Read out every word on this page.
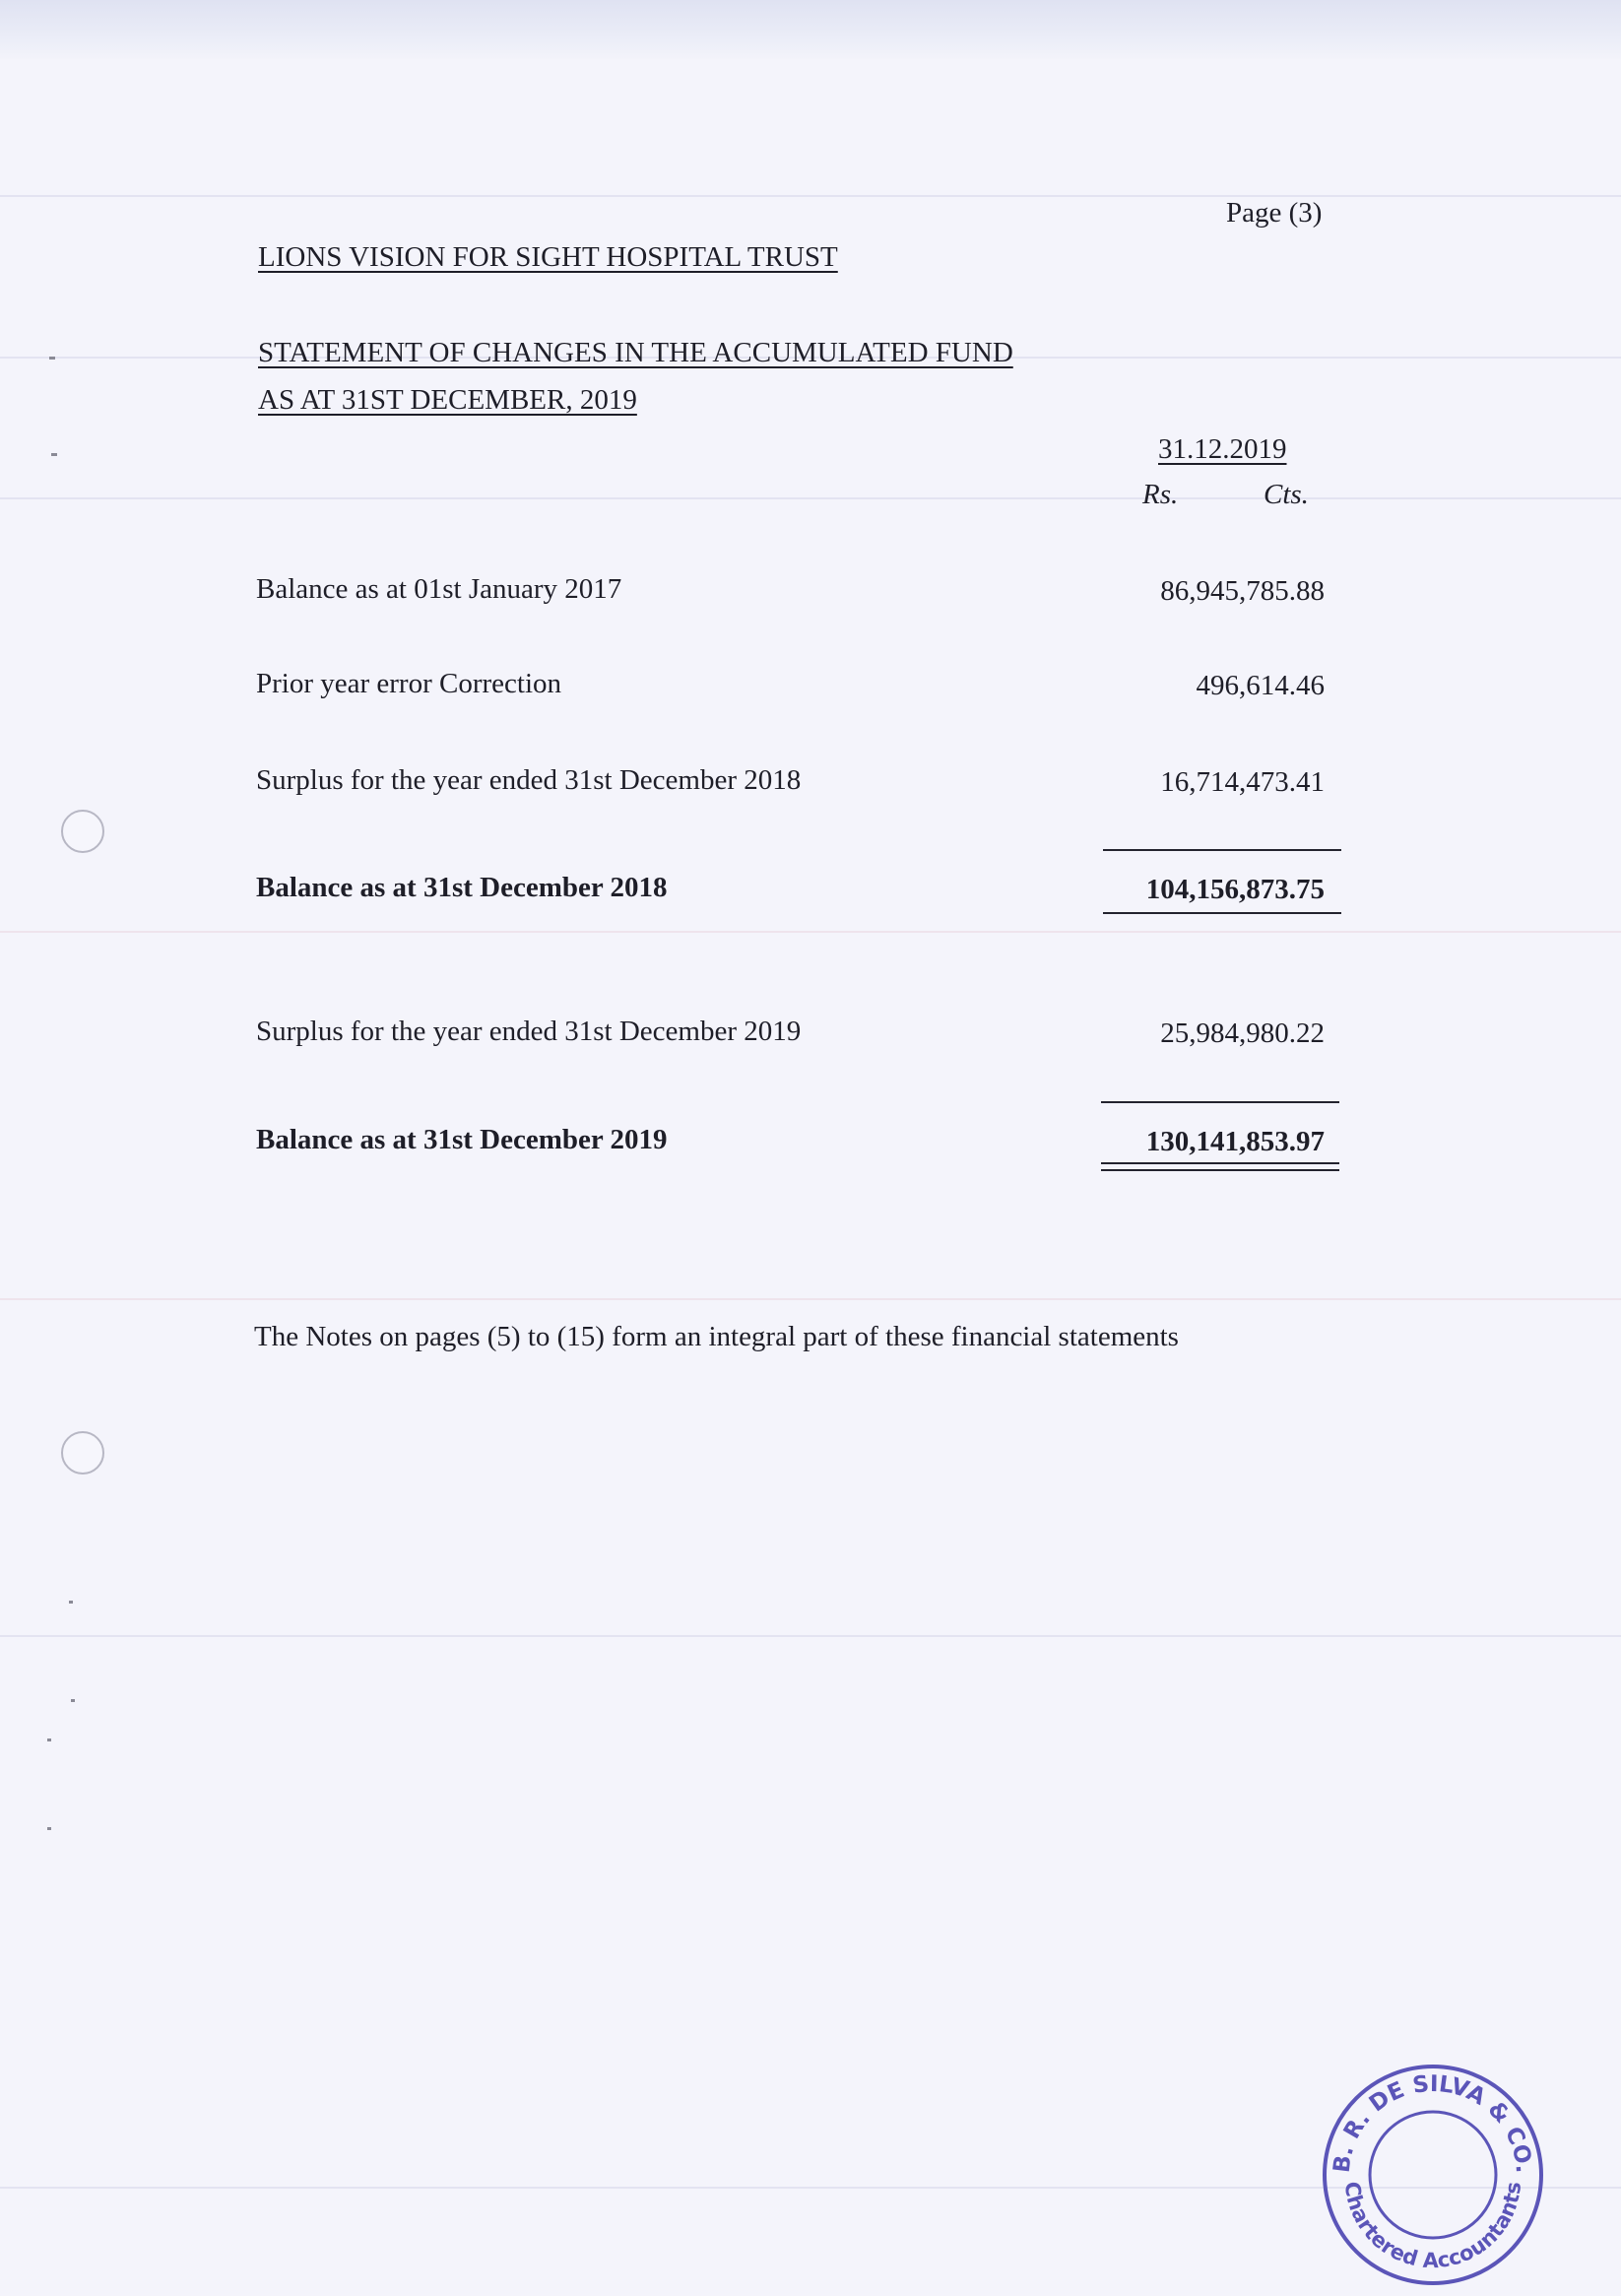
Page (3)
LIONS VISION FOR SIGHT HOSPITAL TRUST
STATEMENT OF CHANGES IN THE ACCUMULATED FUND
AS AT 31ST DECEMBER, 2019
31.12.2019
Rs.	Cts.
Balance as at 01st January 2017	86,945,785.88
Prior year error Correction	496,614.46
Surplus for the year ended 31st December 2018	16,714,473.41
Balance as at 31st December 2018	104,156,873.75
Surplus for the year ended 31st December 2019	25,984,980.22
Balance as at 31st December 2019	130,141,853.97
The Notes on pages (5) to (15) form an integral part of these financial statements
B. R. DE SILVA & CO.
Chartered Accountants
